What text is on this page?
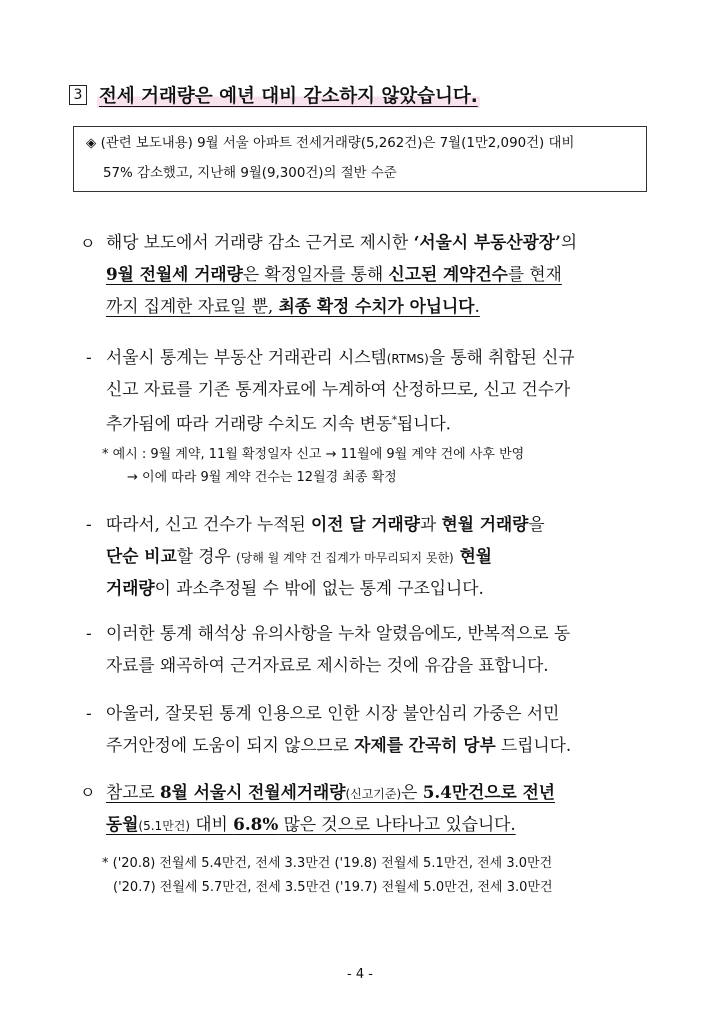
3 전세 거래량은 예년 대비 감소하지 않았습니다.
◈ (관련 보도내용) 9월 서울 아파트 전세거래량(5,262건)은 7월(1만2,090건) 대비
57% 감소했고, 지난해 9월(9,300건)의 절반 수준
ㅇ 해당 보도에서 거래량 감소 근거로 제시한 ‘서울시 부동산광장’의
9월 전월세 거래량은 확정일자를 통해 신고된 계약건수를 현재
까지 집계한 자료일 뿐, 최종 확정 수치가 아닙니다.
- 서울시 통계는 부동산 거래관리 시스템(RTMS)을 통해 취합된 신규
신고 자료를 기존 통계자료에 누계하여 산정하므로, 신고 건수가
추가됨에 따라 거래량 수치도 지속 변동*됩니다.
* 예시 : 9월 계약, 11월 확정일자 신고 → 11월에 9월 계약 건에 사후 반영
→ 이에 따라 9월 계약 건수는 12월경 최종 확정
- 따라서, 신고 건수가 누적된 이전 달 거래량과 현월 거래량을
단순 비교할 경우 (당해 월 계약 건 집계가 마무리되지 못한) 현월
거래량이 과소추정될 수 밖에 없는 통계 구조입니다.
- 이러한 통계 해석상 유의사항을 누차 알렸음에도, 반복적으로 동
자료를 왜곡하여 근거자료로 제시하는 것에 유감을 표합니다.
- 아울러, 잘못된 통계 인용으로 인한 시장 불안심리 가중은 서민
주거안정에 도움이 되지 않으므로 자제를 간곡히 당부 드립니다.
ㅇ 참고로 8월 서울시 전월세거래량(신고기준)은 5.4만건으로 전년
동월(5.1만건) 대비 6.8% 많은 것으로 나타나고 있습니다.
* ('20.8) 전월세 5.4만건, 전세 3.3만건 ('19.8) 전월세 5.1만건, 전세 3.0만건
('20.7) 전월세 5.7만건, 전세 3.5만건 ('19.7) 전월세 5.0만건, 전세 3.0만건
- 4 -
